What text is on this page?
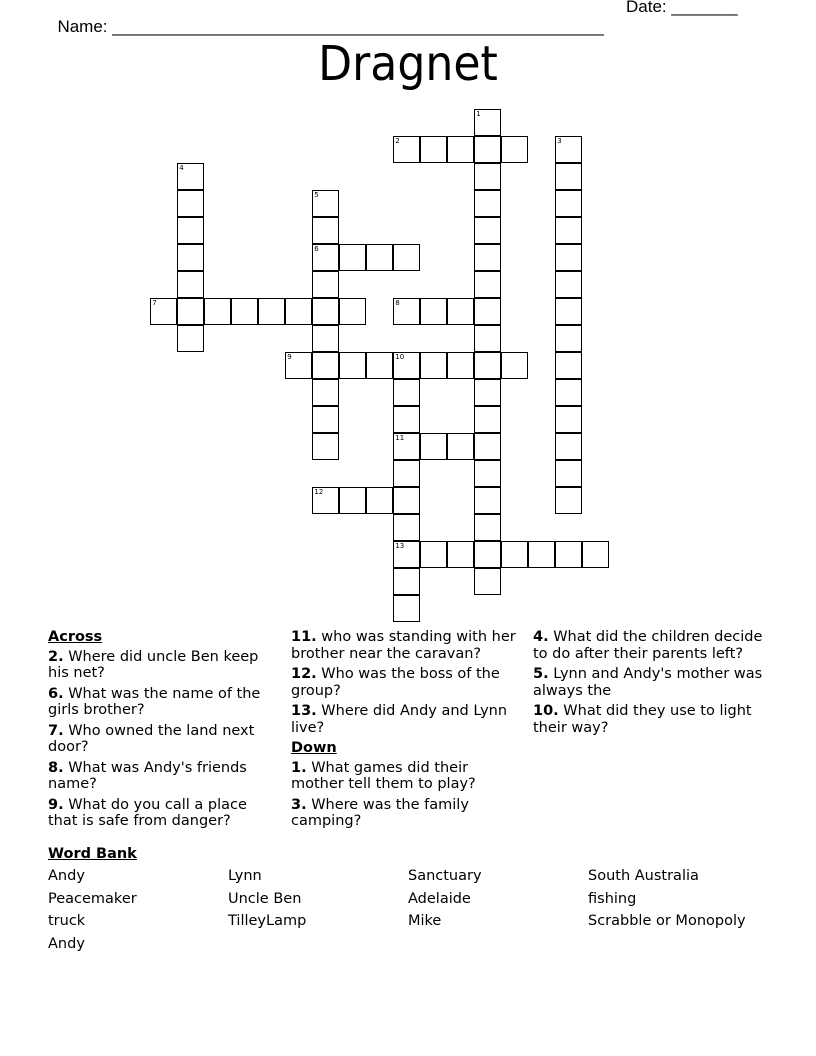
Name: ____________________________________________________

Date: _______

Dragnet
1
2	3
4
5
6
7	8
9	10
11
13
12
Across
2. Where did uncle Ben keep his net?
6. What was the name of the girls brother?
7. Who owned the land next door?
8. What was Andy's friends name?
9. What do you call a place that is safe from danger?
11. who was standing with her brother near the caravan?
12. Who was the boss of the group?
13. Where did Andy and Lynn live?
Down
1. What games did their mother tell them to play?
3. Where was the family camping?
4. What did the children decide to do after their parents left?
5. Lynn and Andy's mother was always the
10. What did they use to light their way?
Word Bank
Andy	Lynn	Sanctuary	South Australia
Peacemaker	Uncle Ben	Adelaide	fishing
truck	TilleyLamp	Mike	Scrabble or Monopoly
Andy
